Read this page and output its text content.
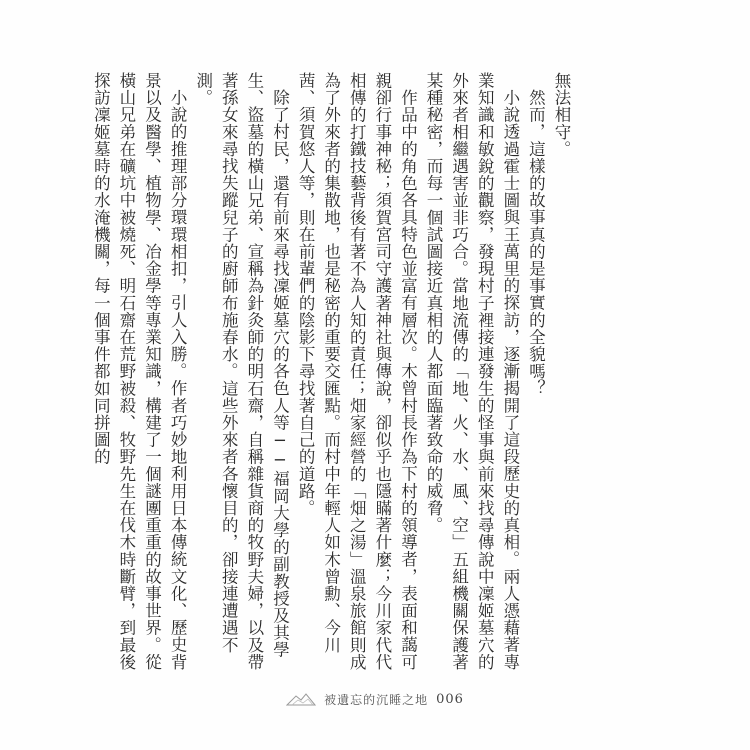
無法相守。

然而，這樣的故事真的是事實的全貌嗎？

小說透過霍士圖與王萬里的探訪，逐漸揭開了這段歷史的真相。兩人憑藉著專業知識和敏銳的觀察，發現村子裡接連發生的怪事與前來找尋傳說中凜姬墓穴的外來者相繼遇害並非巧合。當地流傳的「地、火、水、風、空」五組機關保護著某種秘密，而每一個試圖接近真相的人都面臨著致命的威脅。

作品中的角色各具特色並富有層次。木曾村長作為下村的領導者，表面和藹可親卻行事神秘；須賀宮司守護著神社與傳說，卻似乎也隱瞞著什麼；今川家代代相傳的打鐵技藝背後有著不為人知的責任；畑家經營的「畑之湯」溫泉旅館則成為了外來者的集散地，也是秘密的重要交匯點。而村中年輕人如木曾勳、今川茜、須賀悠人等，則在前輩們的陰影下尋找著自己的道路。

除了村民，還有前來尋找凜姬墓穴的各色人等──福岡大學的副教授及其學生、盜墓的橫山兄弟、宣稱為針灸師的明石齋，自稱雜貨商的牧野夫婦，以及帶著孫女來尋找失蹤兒子的廚師布施春水。這些外來者各懷目的，卻接連遭遇不測。

小說的推理部分環環相扣，引人入勝。作者巧妙地利用日本傳統文化、歷史背景以及醫學、植物學、冶金學等專業知識，構建了一個謎團重重的故事世界。從橫山兄弟在礦坑中被燒死、明石齋在荒野被殺、牧野先生在伐木時斷臂，到最後探訪凜姬墓時的水淹機關，每一個事件都如同拼圖的

被遺忘的沉睡之地 006
